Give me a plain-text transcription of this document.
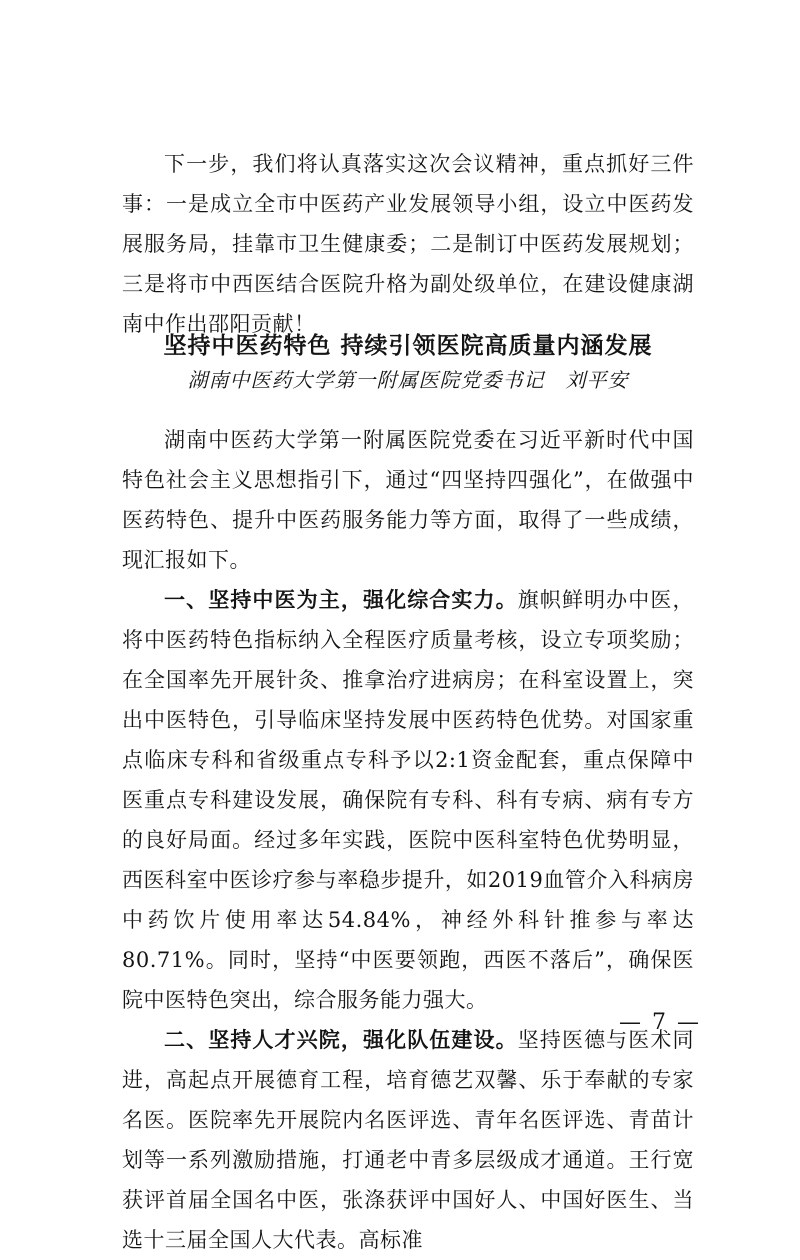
下一步，我们将认真落实这次会议精神，重点抓好三件事：一是成立全市中医药产业发展领导小组，设立中医药发展服务局，挂靠市卫生健康委；二是制订中医药发展规划；三是将市中西医结合医院升格为副处级单位，在建设健康湖南中作出邵阳贡献！

坚持中医药特色 持续引领医院高质量内涵发展
湖南中医药大学第一附属医院党委书记　刘平安

湖南中医药大学第一附属医院党委在习近平新时代中国特色社会主义思想指引下，通过“四坚持四强化”，在做强中医药特色、提升中医药服务能力等方面，取得了一些成绩，现汇报如下。

一、坚持中医为主，强化综合实力。旗帜鲜明办中医，将中医药特色指标纳入全程医疗质量考核，设立专项奖励；在全国率先开展针灸、推拿治疗进病房；在科室设置上，突出中医特色，引导临床坚持发展中医药特色优势。对国家重点临床专科和省级重点专科予以2:1资金配套，重点保障中医重点专科建设发展，确保院有专科、科有专病、病有专方的良好局面。经过多年实践，医院中医科室特色优势明显，西医科室中医诊疗参与率稳步提升，如2019血管介入科病房中药饮片使用率达54.84%，神经外科针推参与率达80.71%。同时，坚持“中医要领跑，西医不落后”，确保医院中医特色突出，综合服务能力强大。

二、坚持人才兴院，强化队伍建设。坚持医德与医术同进，高起点开展德育工程，培育德艺双馨、乐于奉献的专家名医。医院率先开展院内名医评选、青年名医评选、青苗计划等一系列激励措施，打通老中青多层级成才通道。王行宽获评首届全国名中医，张涤获评中国好人、中国好医生、当选十三届全国人大代表。高标准

— 7 —
